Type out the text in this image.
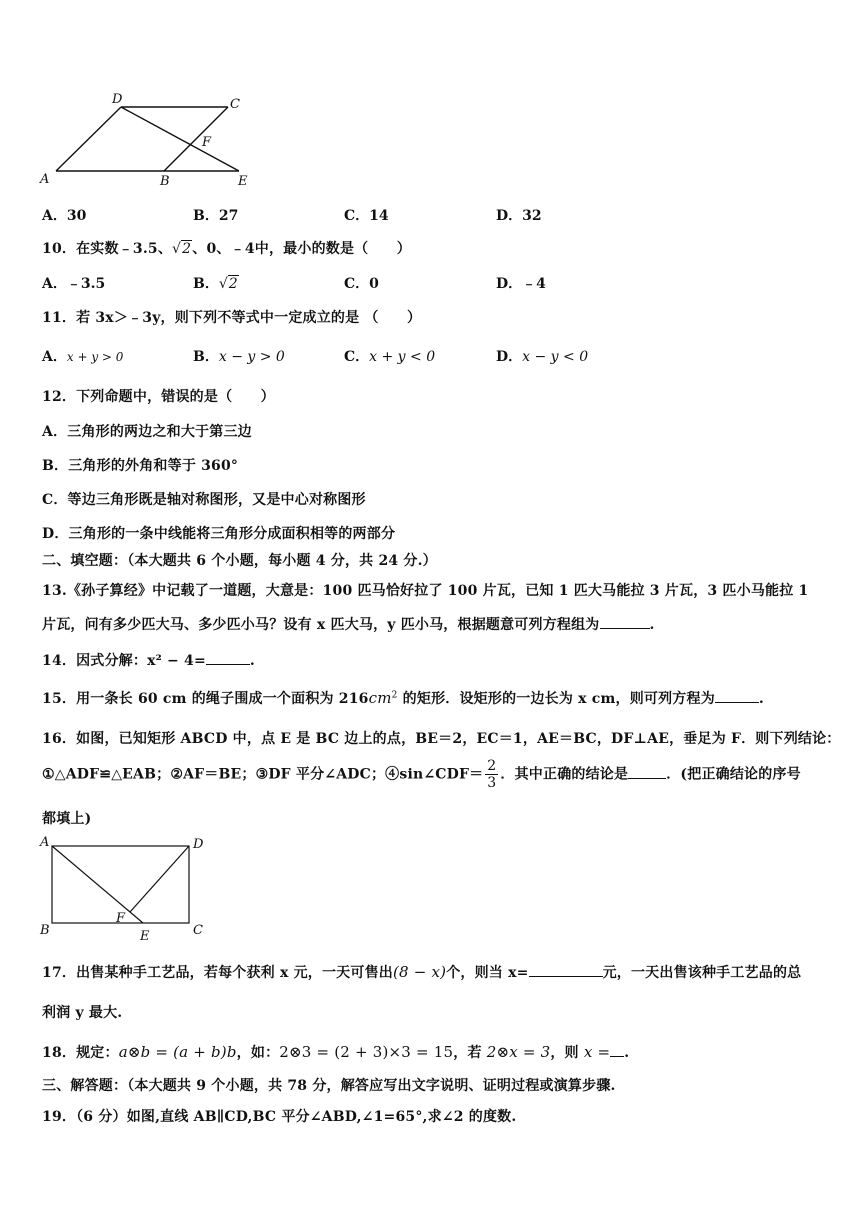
D	C
F
A	B	E
A．30	B．27	C．14	D．32
10．在实数﹣3.5、√2、0、﹣4中，最小的数是（　　）
A．﹣3.5	B．√2	C．0	D．﹣4
11．若 3x＞﹣3y，则下列不等式中一定成立的是 （　　）
A．x + y > 0	B．x − y > 0	C．x + y < 0	D．x − y < 0
12．下列命题中，错误的是（　　）
A．三角形的两边之和大于第三边
B．三角形的外角和等于 360°
C．等边三角形既是轴对称图形，又是中心对称图形
D．三角形的一条中线能将三角形分成面积相等的两部分
二、填空题：（本大题共 6 个小题，每小题 4 分，共 24 分.）
13.《孙子算经》中记载了一道题，大意是：100 匹马恰好拉了 100 片瓦，已知 1 匹大马能拉 3 片瓦，3 匹小马能拉 1
片瓦，问有多少匹大马、多少匹小马？设有 x 匹大马，y 匹小马，根据题意可列方程组为	.
14．因式分解：x² − 4=	.
15．用一条长 60 cm 的绳子围成一个面积为 $216cm^2$ 的矩形．设矩形的一边长为 x cm，则可列方程为	.
16．如图，已知矩形 ABCD 中，点 E 是 BC 边上的点，BE＝2，EC＝1，AE＝BC，DF⊥AE，垂足为 F．则下列结论：
①△ADF≌△EAB；②AF＝BE；③DF 平分∠ADC；④sin∠CDF＝ $\frac{2}{3}$ ．其中正确的结论是	．(把正确结论的序号
都填上)
A	D
F
B	E	C
17．出售某种手工艺品，若每个获利 x 元，一天可售出(8 − x)个，则当 x=	元，一天出售该种手工艺品的总
利润 y 最大.
18．规定：a⊗b = (a + b)b，如：2⊗3 = (2 + 3)×3 = 15，若 2⊗x = 3，则 x = .
三、解答题：（本大题共 9 个小题，共 78 分，解答应写出文字说明、证明过程或演算步骤.
19．（6 分）如图,直线 AB∥CD,BC 平分∠ABD,∠1=65°,求∠2 的度数.
